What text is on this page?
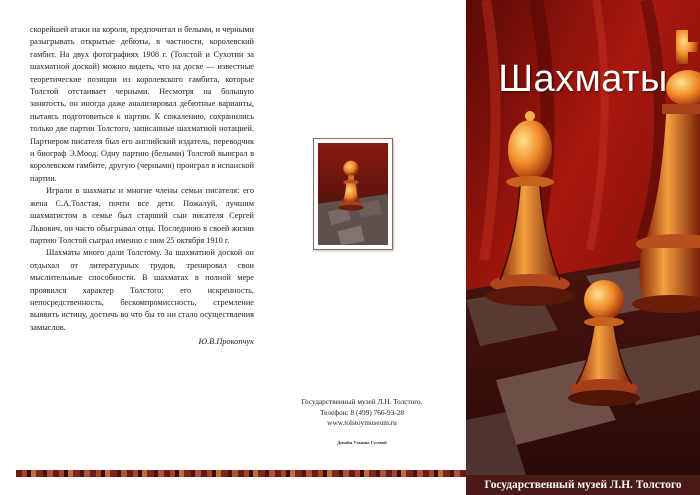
скорейшей атаки на короля, предпочитал и белыми, и черными разыгрывать открытые дебюты, в частности, королевский гамбит. На двух фотографиях 1908 г. (Толстой и Сухотин за шахматной доской) можно видеть, что на доске — известные теоретические позиции из королевского гамбита, которые Толстой отстаивает черными. Несмотря на большую занятость, он иногда даже анализировал дебютные варианты, пытаясь подготовиться к партии. К сожалению, сохранились только две партии Толстого, записанные шахматной нотацией. Партнером писателя был его английский издатель, переводчик и биограф Э.Моод. Одну партию (белыми) Толстой выиграл в королевском гамбите, другую (черными) проиграл в испанской партии.

Играли в шахматы и многие члены семьи писателя: его жена С.А.Толстая, почти все дети. Пожалуй, лучшим шахматистом в семье был старший сын писателя Сергей Львович, он часто обыгрывал отца. Последнюю в своей жизни партию Толстой сыграл именно с ним 25 октября 1910 г.

Шахматы много дали Толстому. За шахматной доской он отдыхал от литературных трудов, тренировал свои мыслительные способности. В шахматах в полной мере проявился характер Толстого: его искренность, непосредственность, бескомпромиссность, стремление выявить истину, достичь во что бы то ни стало осуществления замыслов.

Ю.В.Прокопчук
Государственный музей Л.Н. Толстого.
Телефон: 8 (499) 766-93-28
www.tolstoymuseum.ru
Дизайн Ульяны Гусевой
Шахматы
Государственный музей Л.Н. Толстого
